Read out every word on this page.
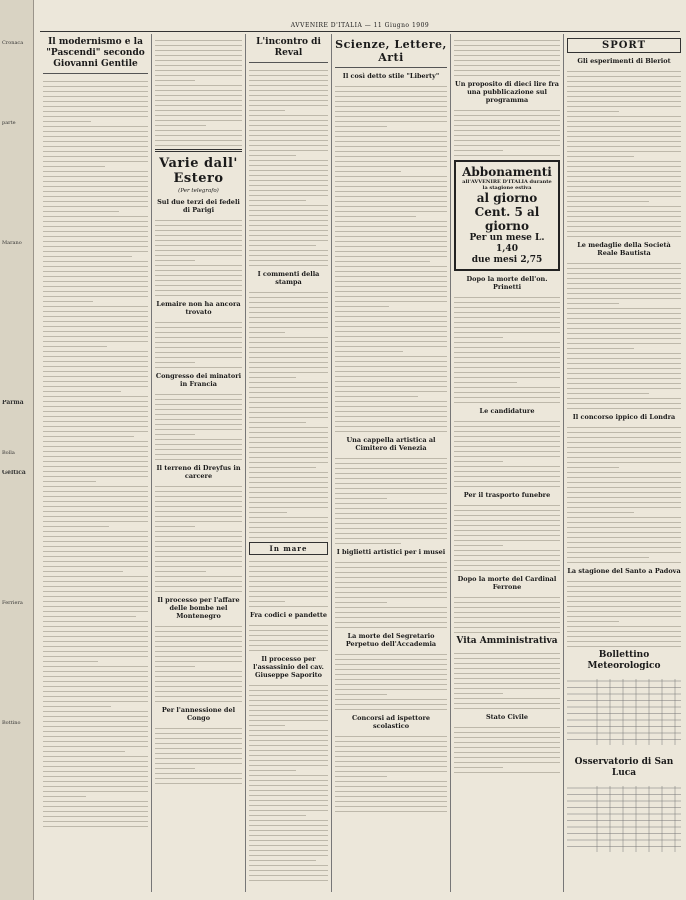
Cronaca
parte
Marano
Parma
Bolla
Geltica
Ferriera
Bottino
AVVENIRE D'ITALIA — 11 Giugno 1909
Il modernismo e la "Pascendi" secondo Giovanni Gentile
Varie dall' Estero
(Per telegrafo)
Sul due terzi dei fedeli di Parigi
Lemaire non ha ancora trovato
Congresso dei minatori in Francia
Il terreno di Dreyfus in carcere
Il processo per l'affare delle bombe nel Montenegro
Per l'annessione del Congo
L'incontro di Reval
I commenti della stampa
In mare
Fra codici e pandette
Il processo per l'assassinio del cav. Giuseppe Saporito
Scienze, Lettere, Arti
Il così detto stile "Liberty"
Una cappella artistica al Cimitero di Venezia
I biglietti artistici per i musei
La morte del Segretario Perpetuo dell'Accademia
Concorsi ad ispettore scolastico
Un proposito di dieci lire fra una pubblicazione sul programma
Abbonamenti
all'AVVENIRE D'ITALIA durante la stagione estiva
al giorno Cent. 5 al giorno
Per un mese L. 1,40
due mesi 2,75
Dopo la morte dell'on. Prinetti
Le candidature
Per il trasporto funebre
Dopo la morte del Cardinal Ferrone
Vita Amministrativa
Stato Civile
SPORT
Gli esperimenti di Bleriot
Le medaglie della Società Reale Bautista
Il concorso ippico di Londra
La stagione del Santo a Padova
Bollettino Meteorologico
Osservatorio di San Luca
